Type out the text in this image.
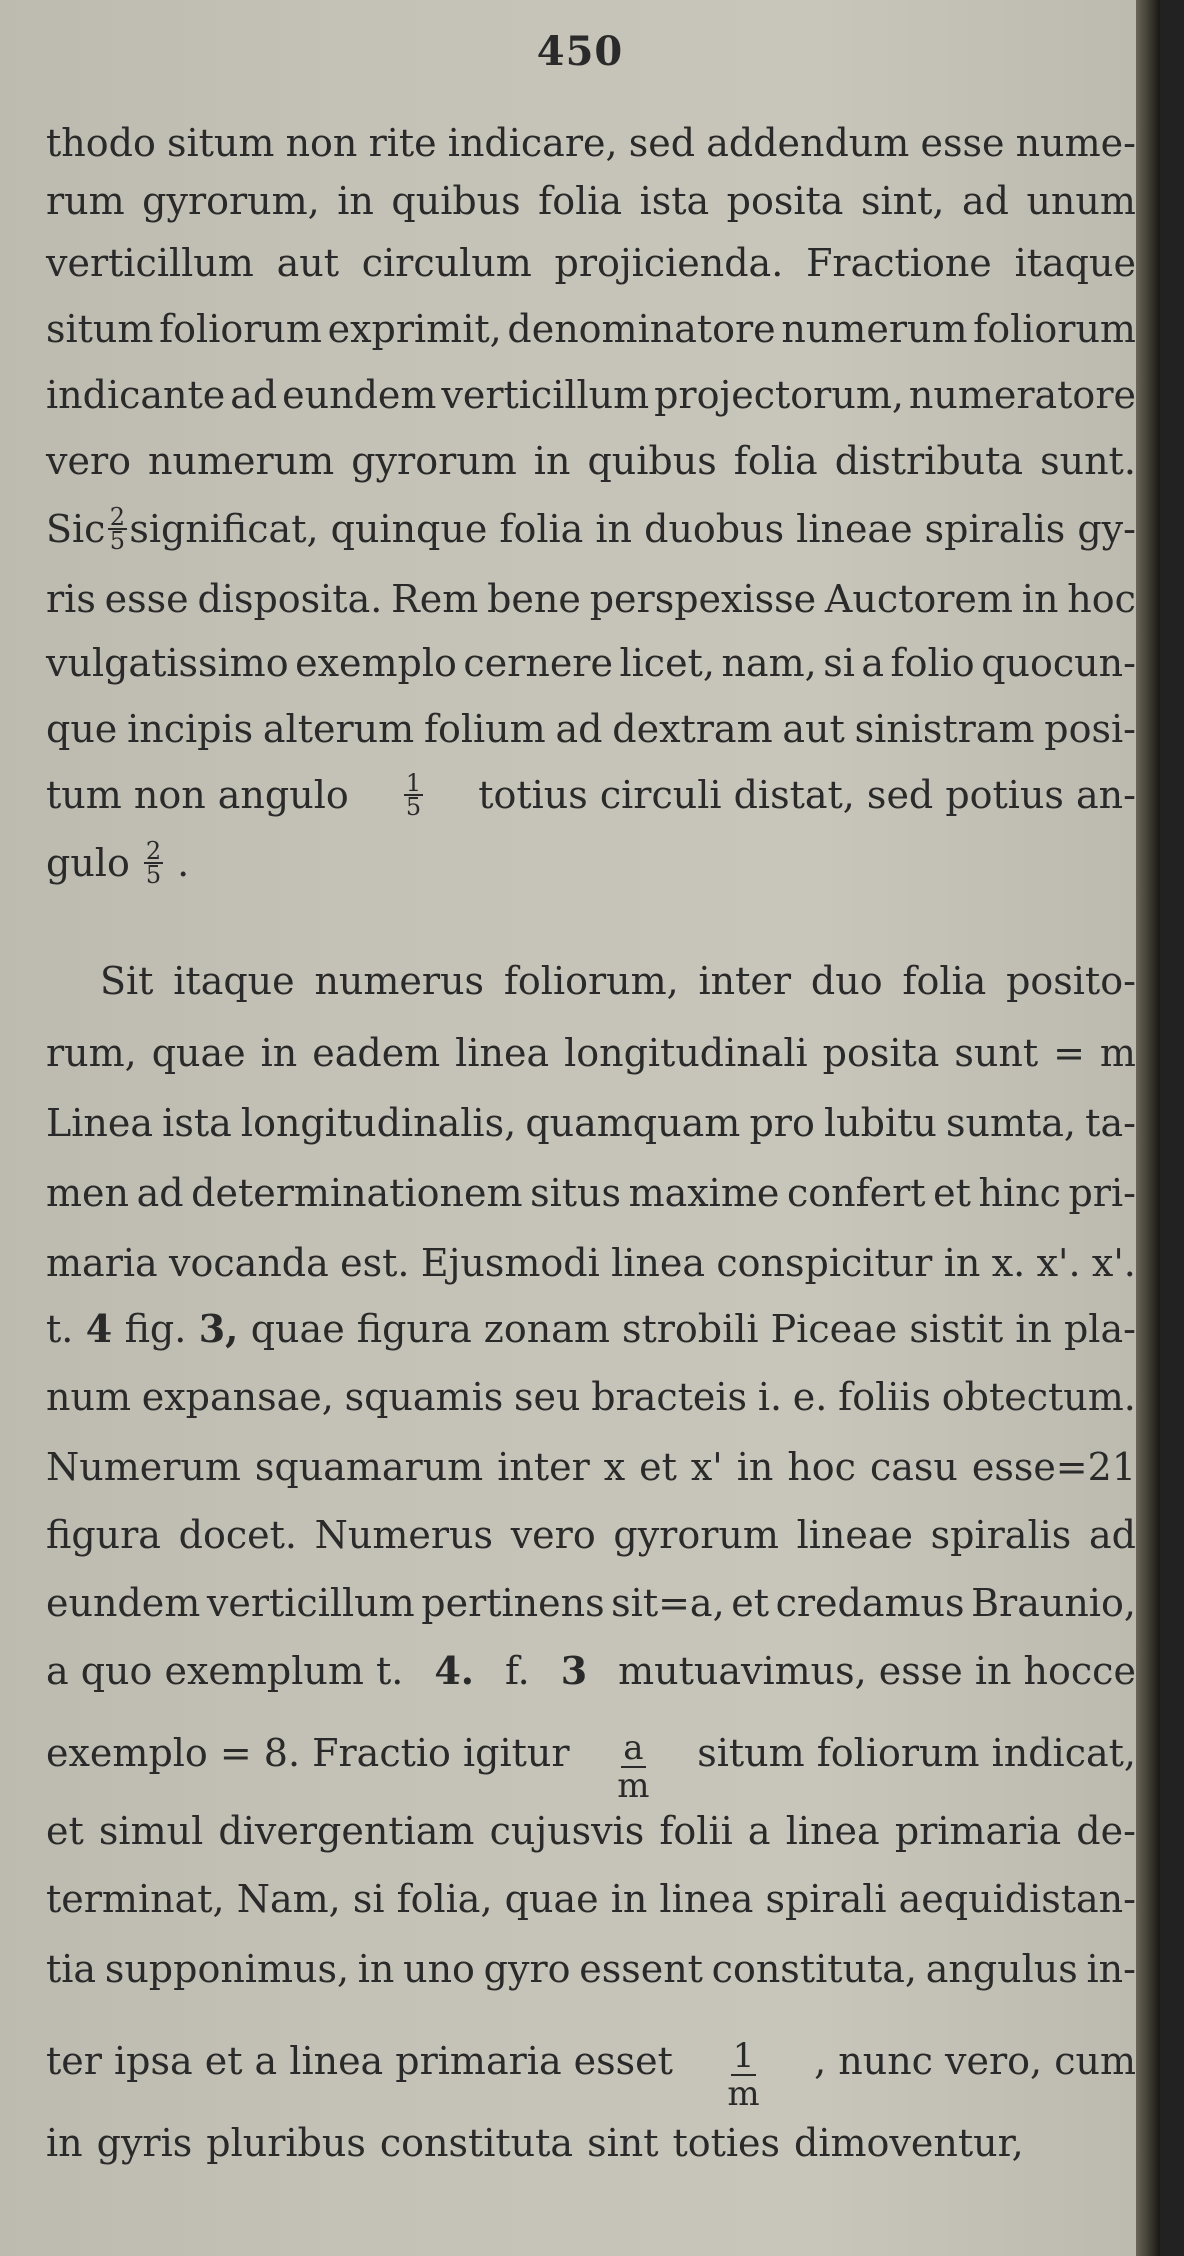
450
thodo situm non rite indicare, sed addendum esse nume-
rum gyrorum, in quibus folia ista posita sint, ad unum
verticillum aut circulum projicienda. Fractione itaque
situm foliorum exprimit, denominatore numerum foliorum
indicante ad eundem verticillum projectorum, numeratore
vero numerum gyrorum in quibus folia distributa sunt.
Sic $\frac{2}{5}$ significat, quinque folia in duobus lineae spiralis gy-
ris esse disposita. Rem bene perspexisse Auctorem in hoc
vulgatissimo exemplo cernere licet, nam, si a folio quocun-
que incipis alterum folium ad dextram aut sinistram posi-
tum non angulo $\frac{1}{5}$ totius circuli distat, sed potius an-
gulo $\frac{2}{5}$ .
Sit itaque numerus foliorum, inter duo folia posito-
rum, quae in eadem linea longitudinali posita sunt = m
Linea ista longitudinalis, quamquam pro lubitu sumta, ta-
men ad determinationem situs maxime confert et hinc pri-
maria vocanda est. Ejusmodi linea conspicitur in x. x'. x'.
t. 4 fig. 3, quae figura zonam strobili Piceae sistit in pla-
num expansae, squamis seu bracteis i. e. foliis obtectum.
Numerum squamarum inter x et x' in hoc casu esse=21
figura docet. Numerus vero gyrorum lineae spiralis ad
eundem verticillum pertinens sit=a, et credamus Braunio,
a quo exemplum t. 4. f. 3 mutuavimus, esse in hocce
exemplo = 8. Fractio igitur $\frac{a}{m}$ situm foliorum indicat,
et simul divergentiam cujusvis folii a linea primaria de-
terminat, Nam, si folia, quae in linea spirali aequidistan-
tia supponimus, in uno gyro essent constituta, angulus in-
ter ipsa et a linea primaria esset $\frac{1}{m}$ , nunc vero, cum
in gyris pluribus constituta sint toties dimoventur,
